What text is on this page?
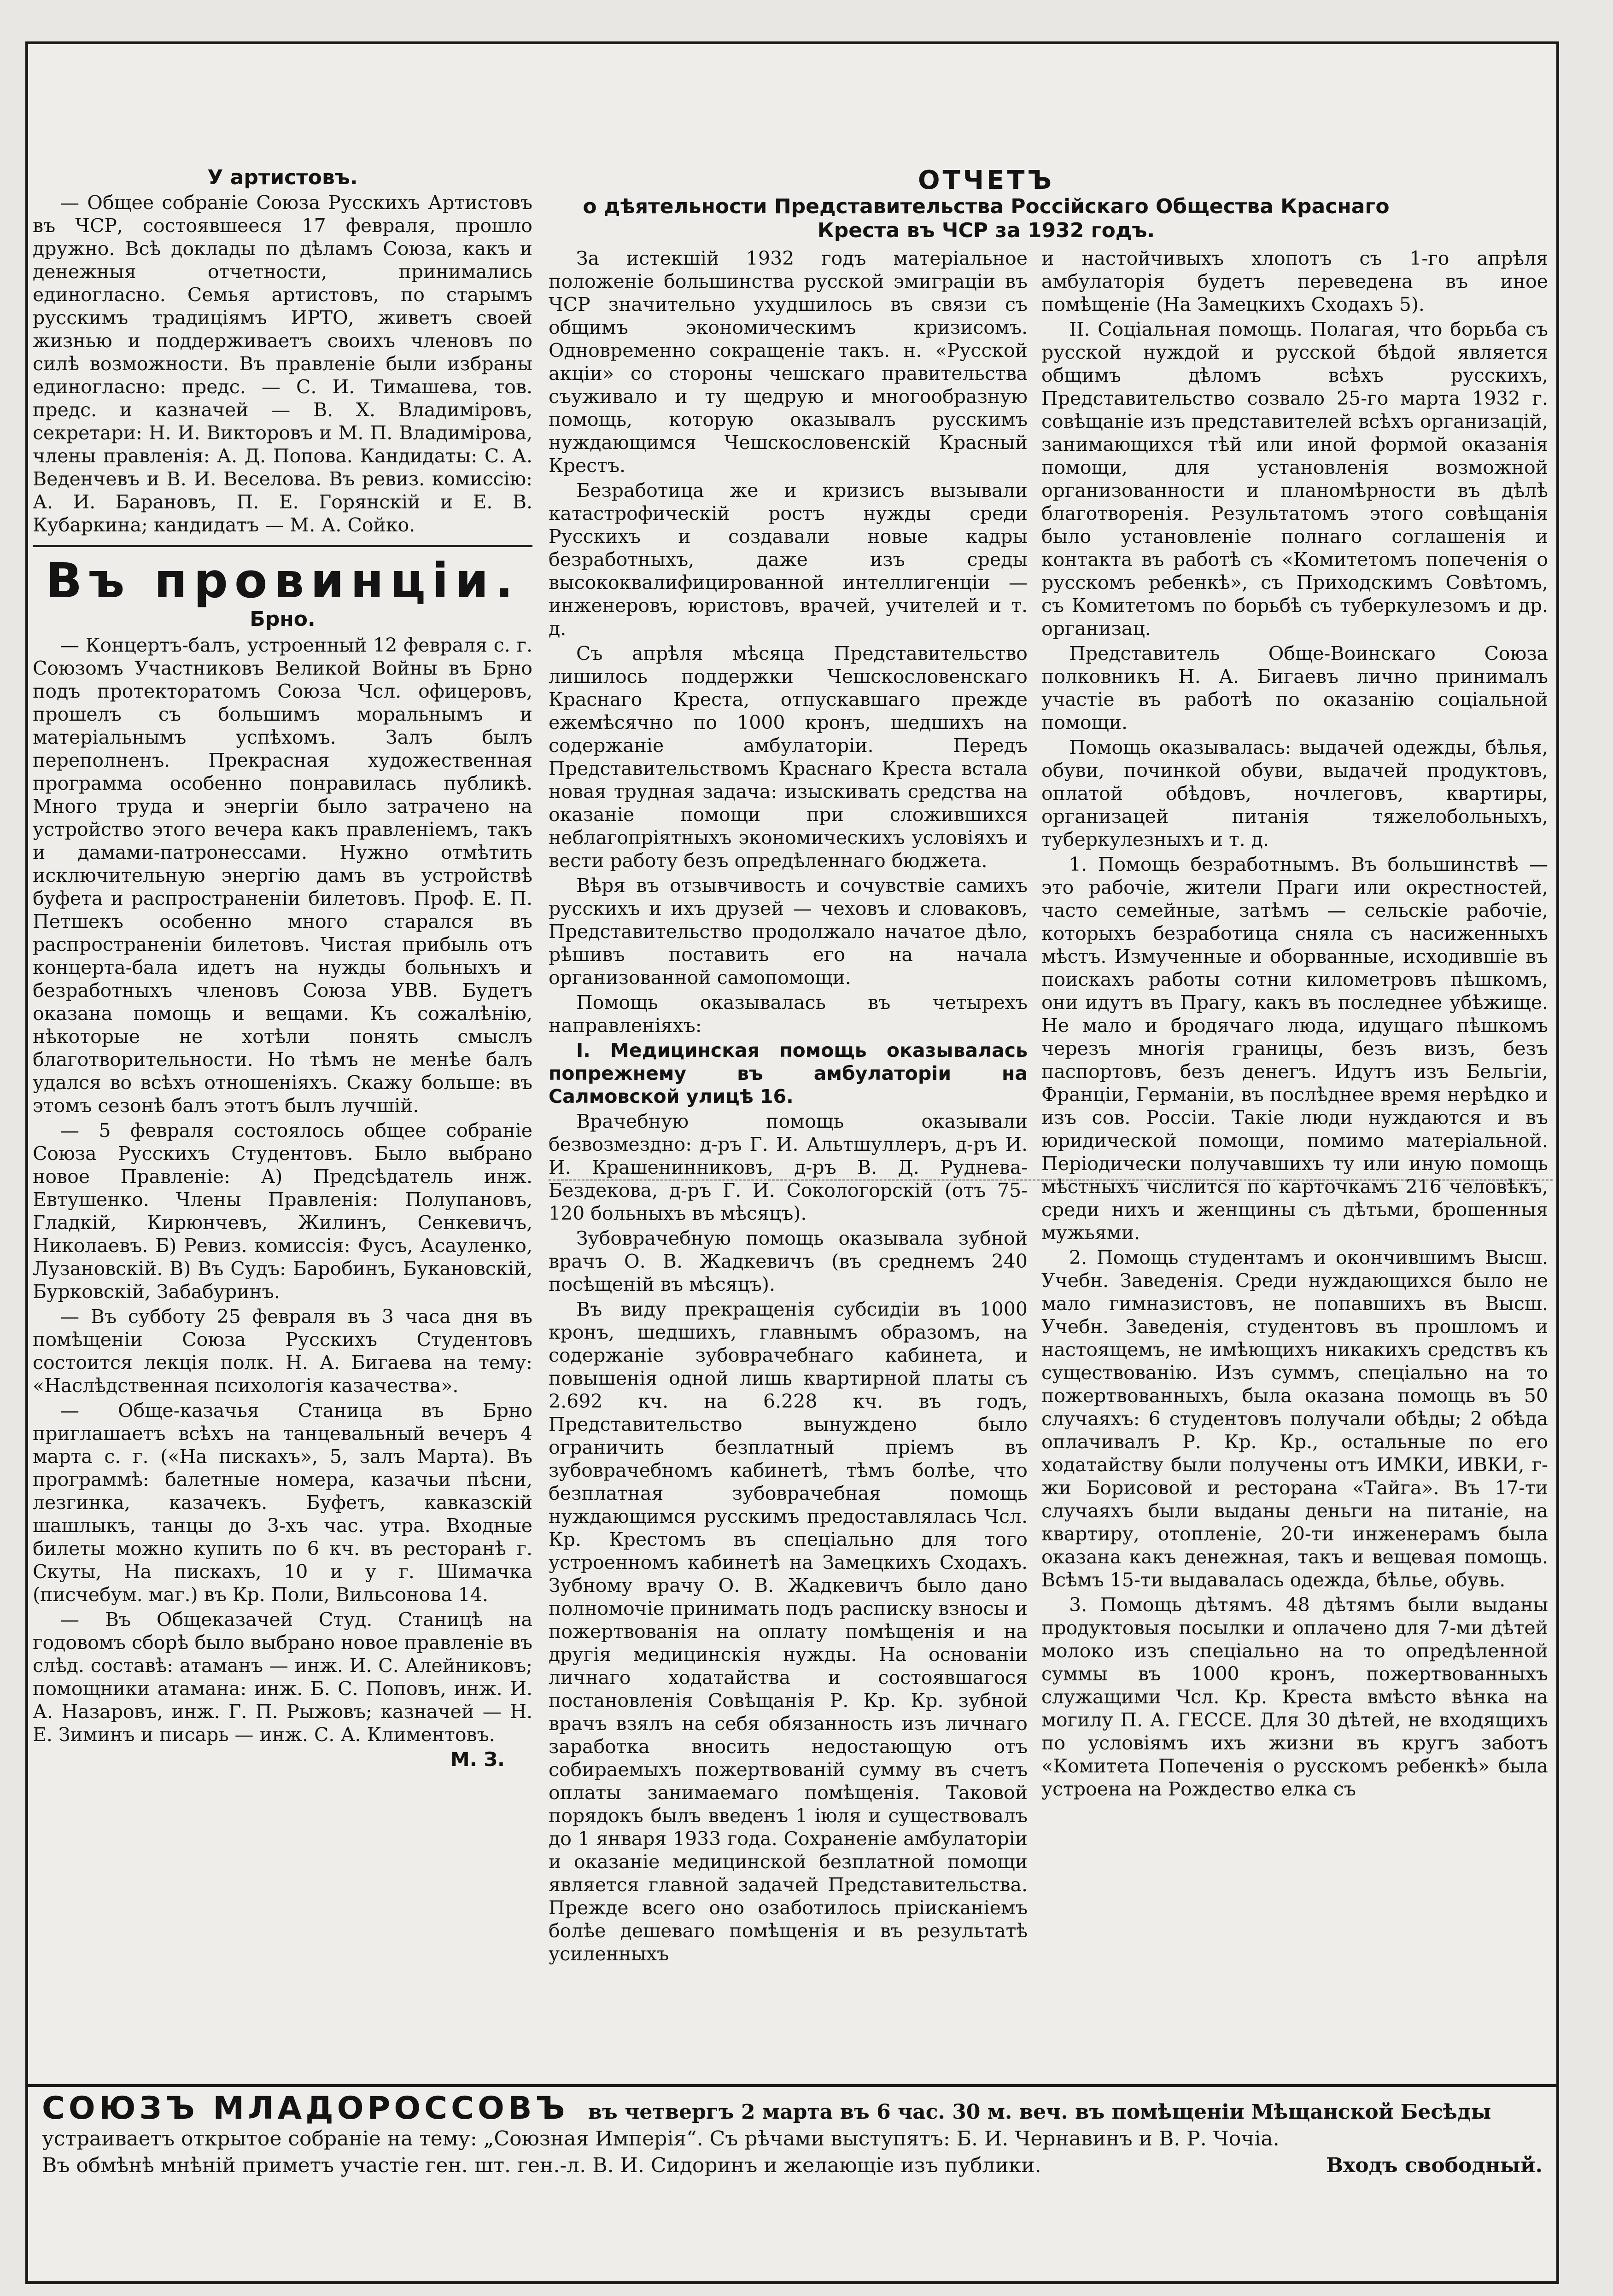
У артистовъ.

— Общее собраніе Союза Русскихъ Артистовъ въ ЧСР, состоявшееся 17 февраля, прошло дружно. Всѣ доклады по дѣламъ Союза, какъ и денежныя отчетности, принимались единогласно. Семья артистовъ, по старымъ русскимъ традиціямъ ИРТО, живетъ своей жизнью и поддерживаетъ своихъ членовъ по силѣ возможности. Въ правленіе были избраны единогласно: предс. — С. И. Тимашева, тов. предс. и казначей — В. Х. Владиміровъ, секретари: Н. И. Викторовъ и М. П. Владимірова, члены правленія: А. Д. Попова. Кандидаты: С. А. Веденчевъ и В. И. Веселова. Въ ревиз. комиссію: А. И. Барановъ, П. Е. Горянскій и Е. В. Кубаркина; кандидатъ — М. А. Сойко.

Въ провинціи.
Брно.

— Концертъ-балъ, устроенный 12 февраля с. г. Союзомъ Участниковъ Великой Войны въ Брно подъ протекторатомъ Союза Чсл. офицеровъ, прошелъ съ большимъ моральнымъ и матеріальнымъ успѣхомъ. Залъ былъ переполненъ. Прекрасная художественная программа особенно понравилась публикѣ. Много труда и энергіи было затрачено на устройство этого вечера какъ правленіемъ, такъ и дамами-патронессами. Нужно отмѣтить исключительную энергію дамъ въ устройствѣ буфета и распространеніи билетовъ. Проф. Е. П. Петшекъ особенно много старался въ распространеніи билетовъ. Чистая прибыль отъ концерта-бала идетъ на нужды больныхъ и безработныхъ членовъ Союза УВВ. Будетъ оказана помощь и вещами. Къ сожалѣнію, нѣкоторые не хотѣли понять смыслъ благотворительности. Но тѣмъ не менѣе балъ удался во всѣхъ отношеніяхъ. Скажу больше: въ этомъ сезонѣ балъ этотъ былъ лучшій.

— 5 февраля состоялось общее собраніе Союза Русскихъ Студентовъ. Было выбрано новое Правленіе: А) Предсѣдатель инж. Евтушенко. Члены Правленія: Полупановъ, Гладкій, Кирюнчевъ, Жилинъ, Сенкевичъ, Николаевъ. Б) Ревиз. комиссія: Фусъ, Асауленко, Лузановскій. В) Въ Судъ: Баробинъ, Букановскій, Бурковскій, Забабуринъ.

— Въ субботу 25 февраля въ 3 часа дня въ помѣщеніи Союза Русскихъ Студентовъ состоится лекція полк. Н. А. Бигаева на тему: «Наслѣдственная психологія казачества».

— Обще-казачья Станица въ Брно приглашаетъ всѣхъ на танцевальный вечеръ 4 марта с. г. («На пискахъ», 5, залъ Марта). Въ программѣ: балетные номера, казачьи пѣсни, лезгинка, казачекъ. Буфетъ, кавказскій шашлыкъ, танцы до 3-хъ час. утра. Входные билеты можно купить по 6 кч. въ ресторанѣ г. Скуты, На пискахъ, 10 и у г. Шимачка (писчебум. маг.) въ Кр. Поли, Вильсонова 14.

— Въ Общеказачей Студ. Станицѣ на годовомъ сборѣ было выбрано новое правленіе въ слѣд. составѣ: атаманъ — инж. И. С. Алейниковъ; помощники атамана: инж. Б. С. Поповъ, инж. И. А. Назаровъ, инж. Г. П. Рыжовъ; казначей — Н. Е. Зиминъ и писарь — инж. С. А. Климентовъ.

М. З.
ОТЧЕТЪ
о дѣятельности Представительства Россійскаго Общества Краснаго Креста въ ЧСР за 1932 годъ.

За истекшій 1932 годъ матеріальное положеніе большинства русской эмиграціи въ ЧСР значительно ухудшилось въ связи съ общимъ экономическимъ кризисомъ. Одновременно сокращеніе такъ. н. «Русской акціи» со стороны чешскаго правительства съуживало и ту щедрую и многообразную помощь, которую оказывалъ русскимъ нуждающимся Чешскословенскій Красный Крестъ.

Безработица же и кризисъ вызывали катастрофическій ростъ нужды среди Русскихъ и создавали новые кадры безработныхъ, даже изъ среды высококвалифицированной интеллигенціи — инженеровъ, юристовъ, врачей, учителей и т. д.

Съ апрѣля мѣсяца Представительство лишилось поддержки Чешскословенскаго Краснаго Креста, отпускавшаго прежде ежемѣсячно по 1000 кронъ, шедшихъ на содержаніе амбулаторіи. Передъ Представительствомъ Краснаго Креста встала новая трудная задача: изыскивать средства на оказаніе помощи при сложившихся неблагопріятныхъ экономическихъ условіяхъ и вести работу безъ опредѣленнаго бюджета.

Вѣря въ отзывчивость и сочувствіе самихъ русскихъ и ихъ друзей — чеховъ и словаковъ, Представительство продолжало начатое дѣло, рѣшивъ поставить его на начала организованной самопомощи.

Помощь оказывалась въ четырехъ направленіяхъ:

I. Медицинская помощь оказывалась попрежнему въ амбулаторіи на Салмовской улицѣ 16.

Врачебную помощь оказывали безвозмездно: д-ръ Г. И. Альтшуллеръ, д-ръ И. И. Крашенинниковъ, д-ръ В. Д. Руднева-Бездекова, д-ръ Г. И. Сокологорскій (отъ 75-120 больныхъ въ мѣсяцъ).

Зубоврачебную помощь оказывала зубной врачъ О. В. Жадкевичъ (въ среднемъ 240 посѣщеній въ мѣсяцъ).

Въ виду прекращенія субсидіи въ 1000 кронъ, шедшихъ, главнымъ образомъ, на содержаніе зубоврачебнаго кабинета, и повышенія одной лишь квартирной платы съ 2.692 кч. на 6.228 кч. въ годъ, Представительство вынуждено было ограничить безплатный пріемъ въ зубоврачебномъ кабинетѣ, тѣмъ болѣе, что безплатная зубоврачебная помощь нуждающимся русскимъ предоставлялась Чсл. Кр. Крестомъ въ спеціально для того устроенномъ кабинетѣ на Замецкихъ Сходахъ. Зубному врачу О. В. Жадкевичъ было дано полномочіе принимать подъ расписку взносы и пожертвованія на оплату помѣщенія и на другія медицинскія нужды. На основаніи личнаго ходатайства и состоявшагося постановленія Совѣщанія Р. Кр. Кр. зубной врачъ взялъ на себя обязанность изъ личнаго заработка вносить недостающую отъ собираемыхъ пожертвованій сумму въ счетъ оплаты занимаемаго помѣщенія. Таковой порядокъ былъ введенъ 1 іюля и существовалъ до 1 января 1933 года. Сохраненіе амбулаторіи и оказаніе медицинской безплатной помощи является главной задачей Представительства. Прежде всего оно озаботилось пріисканіемъ болѣе дешеваго помѣщенія и въ результатѣ усиленныхъ

и настойчивыхъ хлопотъ съ 1-го апрѣля амбулаторія будетъ переведена въ иное помѣщеніе (На Замецкихъ Сходахъ 5).

II. Соціальная помощь. Полагая, что борьба съ русской нуждой и русской бѣдой является общимъ дѣломъ всѣхъ русскихъ, Представительство созвало 25-го марта 1932 г. совѣщаніе изъ представителей всѣхъ организацій, занимающихся тѣй или иной формой оказанія помощи, для установленія возможной организованности и планомѣрности въ дѣлѣ благотворенія. Результатомъ этого совѣщанія было установленіе полнаго соглашенія и контакта въ работѣ съ «Комитетомъ попеченія о русскомъ ребенкѣ», съ Приходскимъ Совѣтомъ, съ Комитетомъ по борьбѣ съ туберкулезомъ и др. организац.

Представитель Обще-Воинскаго Союза полковникъ Н. А. Бигаевъ лично принималъ участіе въ работѣ по оказанію соціальной помощи.

Помощь оказывалась: выдачей одежды, бѣлья, обуви, починкой обуви, выдачей продуктовъ, оплатой обѣдовъ, ночлеговъ, квартиры, организацей питанія тяжелобольныхъ, туберкулезныхъ и т. д.

1. Помощь безработнымъ. Въ большинствѣ — это рабочіе, жители Праги или окрестностей, часто семейные, затѣмъ — сельскіе рабочіе, которыхъ безработица сняла съ насиженныхъ мѣстъ. Измученные и оборванные, исходившіе въ поискахъ работы сотни километровъ пѣшкомъ, они идутъ въ Прагу, какъ въ последнее убѣжище. Не мало и бродячаго люда, идущаго пѣшкомъ черезъ многія границы, безъ визъ, безъ паспортовъ, безъ денегъ. Идутъ изъ Бельгіи, Франціи, Германіи, въ послѣднее время нерѣдко и изъ сов. Россіи. Такіе люди нуждаются и въ юридической помощи, помимо матеріальной. Періодически получавшихъ ту или иную помощь мѣстныхъ числится по карточкамъ 216 человѣкъ, среди нихъ и женщины съ дѣтьми, брошенныя мужьями.

2. Помощь студентамъ и окончившимъ Высш. Учебн. Заведенія. Среди нуждающихся было не мало гимназистовъ, не попавшихъ въ Высш. Учебн. Заведенія, студентовъ въ прошломъ и настоящемъ, не имѣющихъ никакихъ средствъ къ существованію. Изъ суммъ, спеціально на то пожертвованныхъ, была оказана помощь въ 50 случаяхъ: 6 студентовъ получали обѣды; 2 обѣда оплачивалъ Р. Кр. Кр., остальные по его ходатайству были получены отъ ИМКИ, ИВКИ, г-жи Борисовой и ресторана «Тайга». Въ 17-ти случаяхъ были выданы деньги на питаніе, на квартиру, отопленіе, 20-ти инженерамъ была оказана какъ денежная, такъ и вещевая помощь. Всѣмъ 15-ти выдавалась одежда, бѣлье, обувь.

3. Помощь дѣтямъ. 48 дѣтямъ были выданы продуктовыя посылки и оплачено для 7-ми дѣтей молоко изъ спеціально на то опредѣленной суммы въ 1000 кронъ, пожертвованныхъ служащими Чсл. Кр. Креста вмѣсто вѣнка на могилу П. А. ГЕССЕ. Для 30 дѣтей, не входящихъ по условіямъ ихъ жизни въ кругъ заботъ «Комитета Попеченія о русскомъ ребенкѣ» была устроена на Рождество елка съ

СОЮЗЪ МЛАДОРОССОВЪ въ четвергъ 2 марта въ 6 час. 30 м. веч. въ помѣщеніи Мѣщанской Бесѣды
устраиваетъ открытое собраніе на тему: „Союзная Имперія“. Съ рѣчами выступятъ: Б. И. Чернавинъ и В. Р. Чочіа.
Въ обмѣнѣ мнѣній приметъ участіе ген. шт. ген.-л. В. И. Сидоринъ и желающіе изъ публики.	Входъ свободный.
